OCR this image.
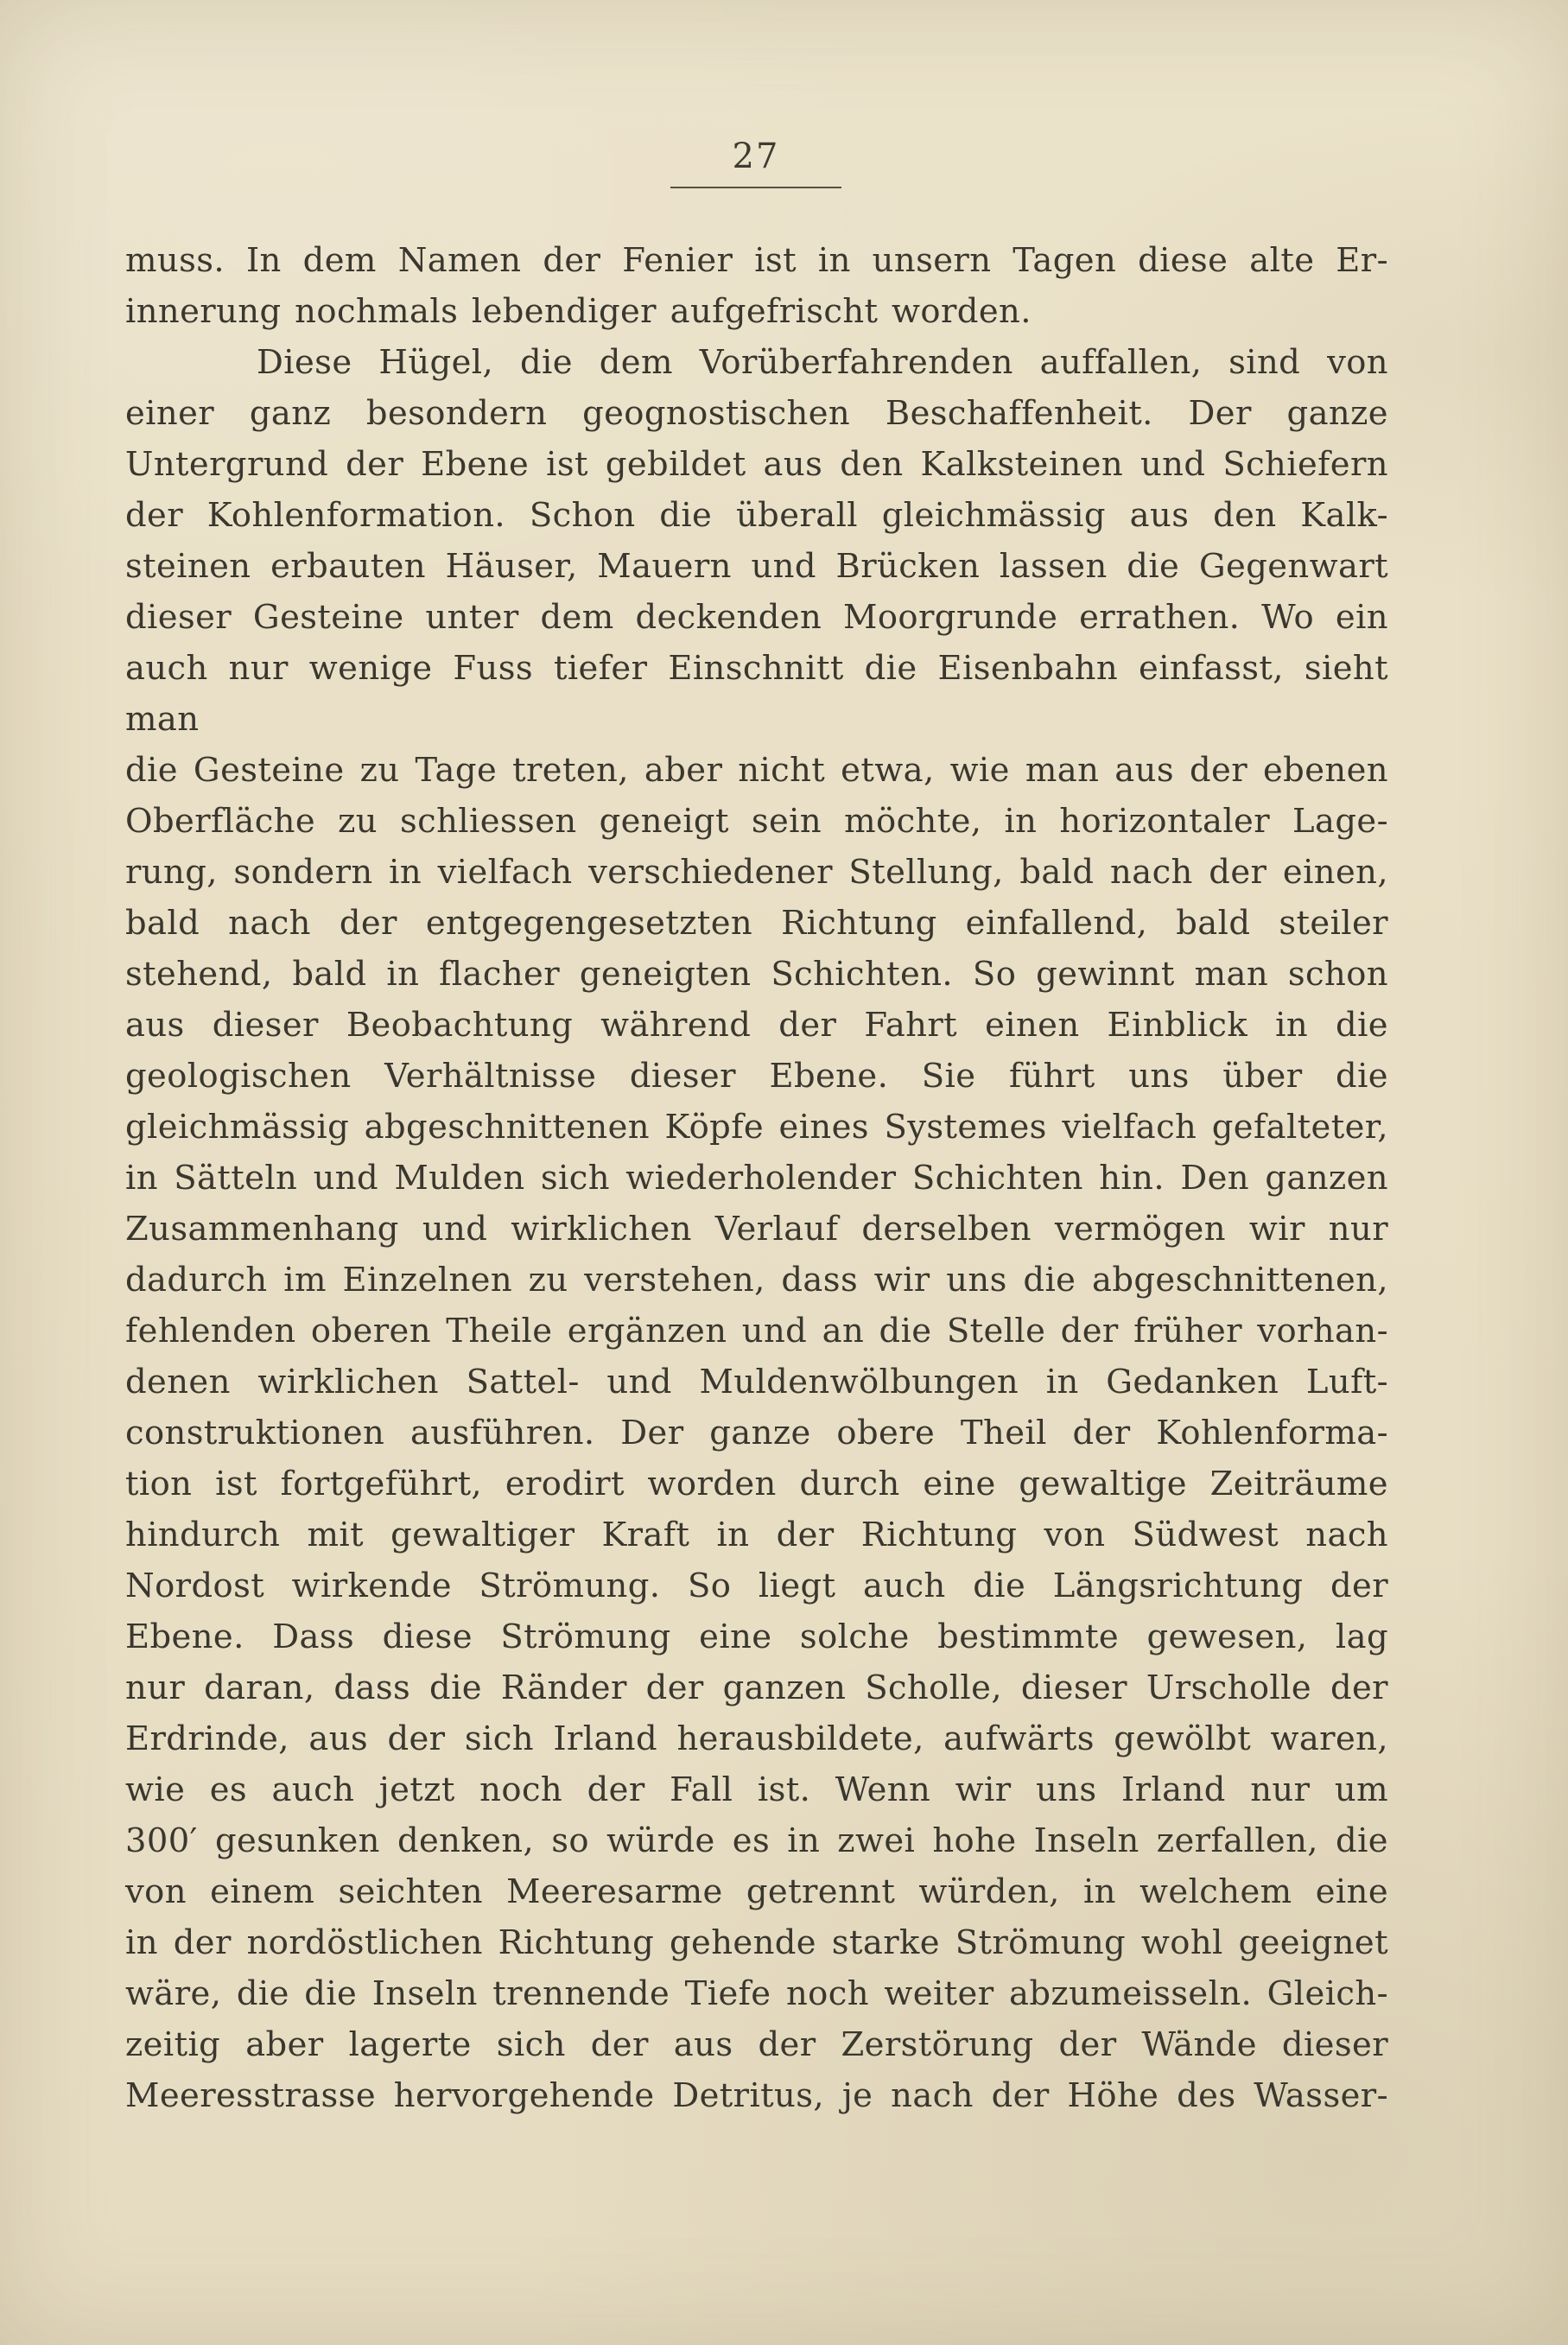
27
muss. In dem Namen der Fenier ist in unsern Tagen diese alte Er-
innerung nochmals lebendiger aufgefrischt worden.
Diese Hügel, die dem Vorüberfahrenden auffallen, sind von
einer ganz besondern geognostischen Beschaffenheit. Der ganze
Untergrund der Ebene ist gebildet aus den Kalksteinen und Schiefern
der Kohlenformation. Schon die überall gleichmässig aus den Kalk-
steinen erbauten Häuser, Mauern und Brücken lassen die Gegenwart
dieser Gesteine unter dem deckenden Moorgrunde errathen. Wo ein
auch nur wenige Fuss tiefer Einschnitt die Eisenbahn einfasst, sieht man
die Gesteine zu Tage treten, aber nicht etwa, wie man aus der ebenen
Oberfläche zu schliessen geneigt sein möchte, in horizontaler Lage-
rung, sondern in vielfach verschiedener Stellung, bald nach der einen,
bald nach der entgegengesetzten Richtung einfallend, bald steiler
stehend, bald in flacher geneigten Schichten. So gewinnt man schon
aus dieser Beobachtung während der Fahrt einen Einblick in die
geologischen Verhältnisse dieser Ebene. Sie führt uns über die
gleichmässig abgeschnittenen Köpfe eines Systemes vielfach gefalteter,
in Sätteln und Mulden sich wiederholender Schichten hin. Den ganzen
Zusammenhang und wirklichen Verlauf derselben vermögen wir nur
dadurch im Einzelnen zu verstehen, dass wir uns die abgeschnittenen,
fehlenden oberen Theile ergänzen und an die Stelle der früher vorhan-
denen wirklichen Sattel- und Muldenwölbungen in Gedanken Luft-
construktionen ausführen. Der ganze obere Theil der Kohlenforma-
tion ist fortgeführt, erodirt worden durch eine gewaltige Zeiträume
hindurch mit gewaltiger Kraft in der Richtung von Südwest nach
Nordost wirkende Strömung. So liegt auch die Längsrichtung der
Ebene. Dass diese Strömung eine solche bestimmte gewesen, lag
nur daran, dass die Ränder der ganzen Scholle, dieser Urscholle der
Erdrinde, aus der sich Irland herausbildete, aufwärts gewölbt waren,
wie es auch jetzt noch der Fall ist. Wenn wir uns Irland nur um
300′ gesunken denken, so würde es in zwei hohe Inseln zerfallen, die
von einem seichten Meeresarme getrennt würden, in welchem eine
in der nordöstlichen Richtung gehende starke Strömung wohl geeignet
wäre, die die Inseln trennende Tiefe noch weiter abzumeisseln. Gleich-
zeitig aber lagerte sich der aus der Zerstörung der Wände dieser
Meeresstrasse hervorgehende Detritus, je nach der Höhe des Wasser-
